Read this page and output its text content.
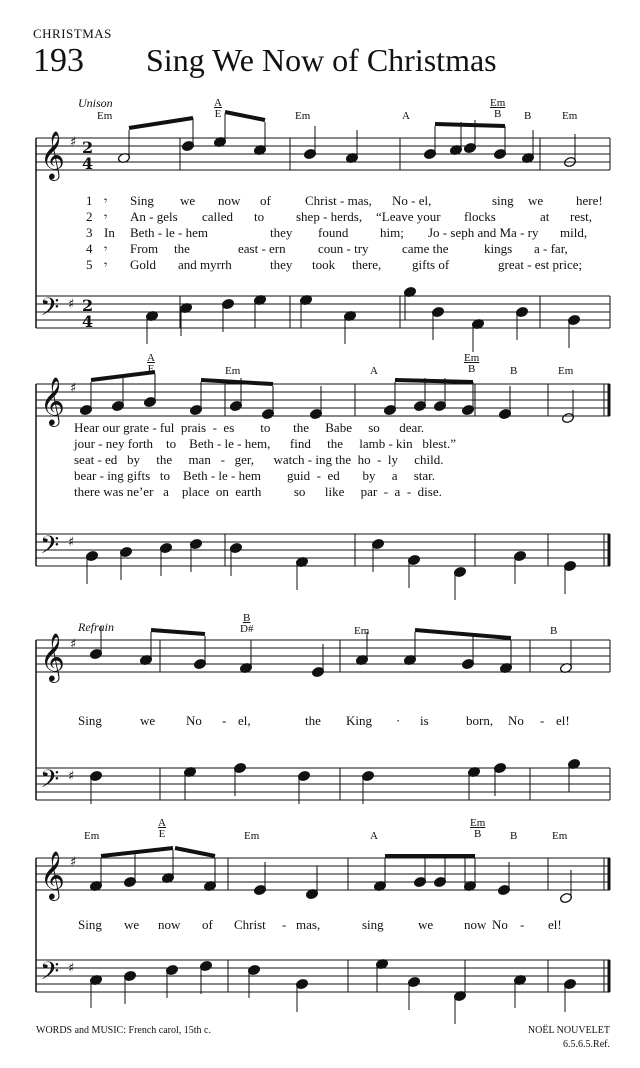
CHRISTMAS
193 Sing We Now of Christmas
𝄞 ♯ 2
4
𝄢 ♯ 2
4
𝄞 ♯
𝄢 ♯
𝄞 ♯
𝄢 ♯
𝄞 ♯
𝄢 ♯
Unison
Refrain
Em	$\frac{A}{E}$	Em	A	$\frac{Em}{B}$ B	Em
$\frac{A}{E}$	Em	A	$\frac{Em}{B}$	B	Em
$\frac{B}{D\#}$	Em	B
Em	$\frac{A}{E}$	Em	A	$\frac{Em}{B}$ B	Em
1 𝄾 Sing we now of	Christ - mas, No - el,	sing we	here!
2 𝄾 An - gels called to shep - herds, “Leave your flocks	at rest,
3 In Beth - le - hem	they found him; Jo - seph and Ma - ry mild,
4 𝄾 From the	east - ern coun - try	came the	kings a - far,
5 𝄾 Gold and myrrh	they took there, gifts of	great - est price;
Hear our grate - ful  prais  -  es        to       the     Babe     so      dear.
jour - ney forth    to    Beth - le - hem,      find     the     lamb - kin   blest.”
seat - ed   by     the     man   -   ger,      watch - ing the  ho  -  ly     child.
bear - ing gifts   to    Beth - le - hem        guid  -  ed       by     a     star.
there was ne’er   a    place  on  earth          so      like     par  -  a  -  dise.
Sing	we No - el,	the King · is	born, No - el!
Sing we now of Christ - mas,	sing	we now No - el!
WORDS and MUSIC: French carol, 15th c.	NOËL NOUVELET
6.5.6.5.Ref.
